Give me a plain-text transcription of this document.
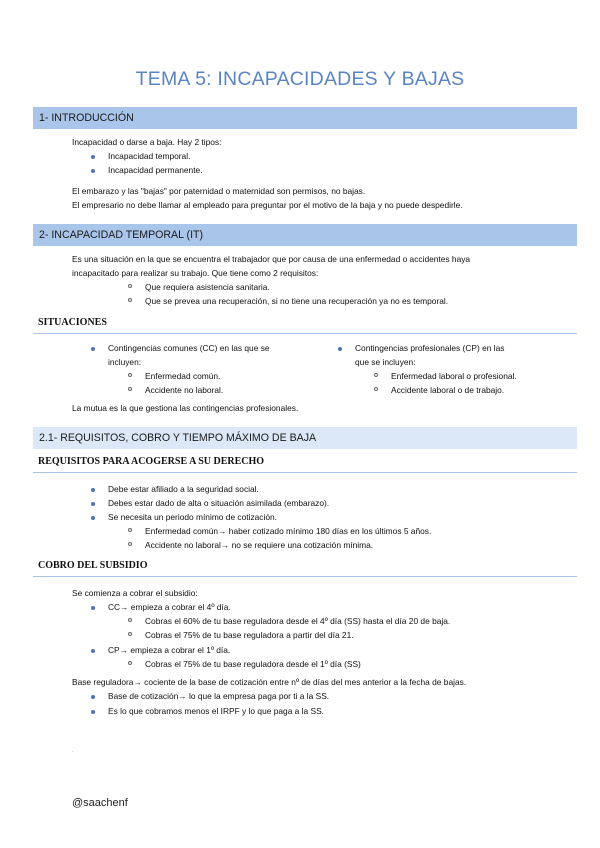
TEMA 5: INCAPACIDADES Y BAJAS
1- INTRODUCCIÓN
Incapacidad o darse a baja. Hay 2 tipos:
Incapacidad temporal.
Incapacidad permanente.
El embarazo y las "bajas" por paternidad o maternidad son permisos, no bajas.
El empresario no debe llamar al empleado para preguntar por el motivo de la baja y no puede despedirle.
2- INCAPACIDAD TEMPORAL (IT)
Es una situación en la que se encuentra el trabajador que por causa de una enfermedad o accidentes haya
incapacitado para realizar su trabajo. Que tiene como 2 requisitos:
Que requiera asistencia sanitaria.
Que se prevea una recuperación, si no tiene una recuperación ya no es temporal.
SITUACIONES
Contingencias comunes (CC) en las que se
incluyen:
Enfermedad común.
Accidente no laboral.
Contingencias profesionales (CP) en las
que se incluyen:
Enfermedad laboral o profesional.
Accidente laboral o de trabajo.
La mutua es la que gestiona las contingencias profesionales.
2.1- REQUISITOS, COBRO Y TIEMPO MÁXIMO DE BAJA
REQUISITOS PARA ACOGERSE A SU DERECHO
Debe estar afiliado a la seguridad social.
Debes estar dado de alta o situación asimilada (embarazo).
Se necesita un periodo mínimo de cotización.
Enfermedad común→ haber cotizado mínimo 180 días en los últimos 5 años.
Accidente no laboral→ no se requiere una cotización mínima.
COBRO DEL SUBSIDIO
Se comienza a cobrar el subsidio:
CC→ empieza a cobrar el 4º día.
Cobras el 60% de tu base reguladora desde el 4º día (SS) hasta el día 20 de baja.
Cobras el 75% de tu base reguladora a partir del día 21.
CP→ empieza a cobrar el 1º día.
Cobras el 75% de tu base reguladora desde el 1º día (SS)
Base reguladora→ cociente de la base de cotización entre nº de días del mes anterior a la fecha de bajas.
Base de cotización→ lo que la empresa paga por ti a la SS.
Es lo que cobramos menos el IRPF y lo que paga a la SS.
.
@saachenf
